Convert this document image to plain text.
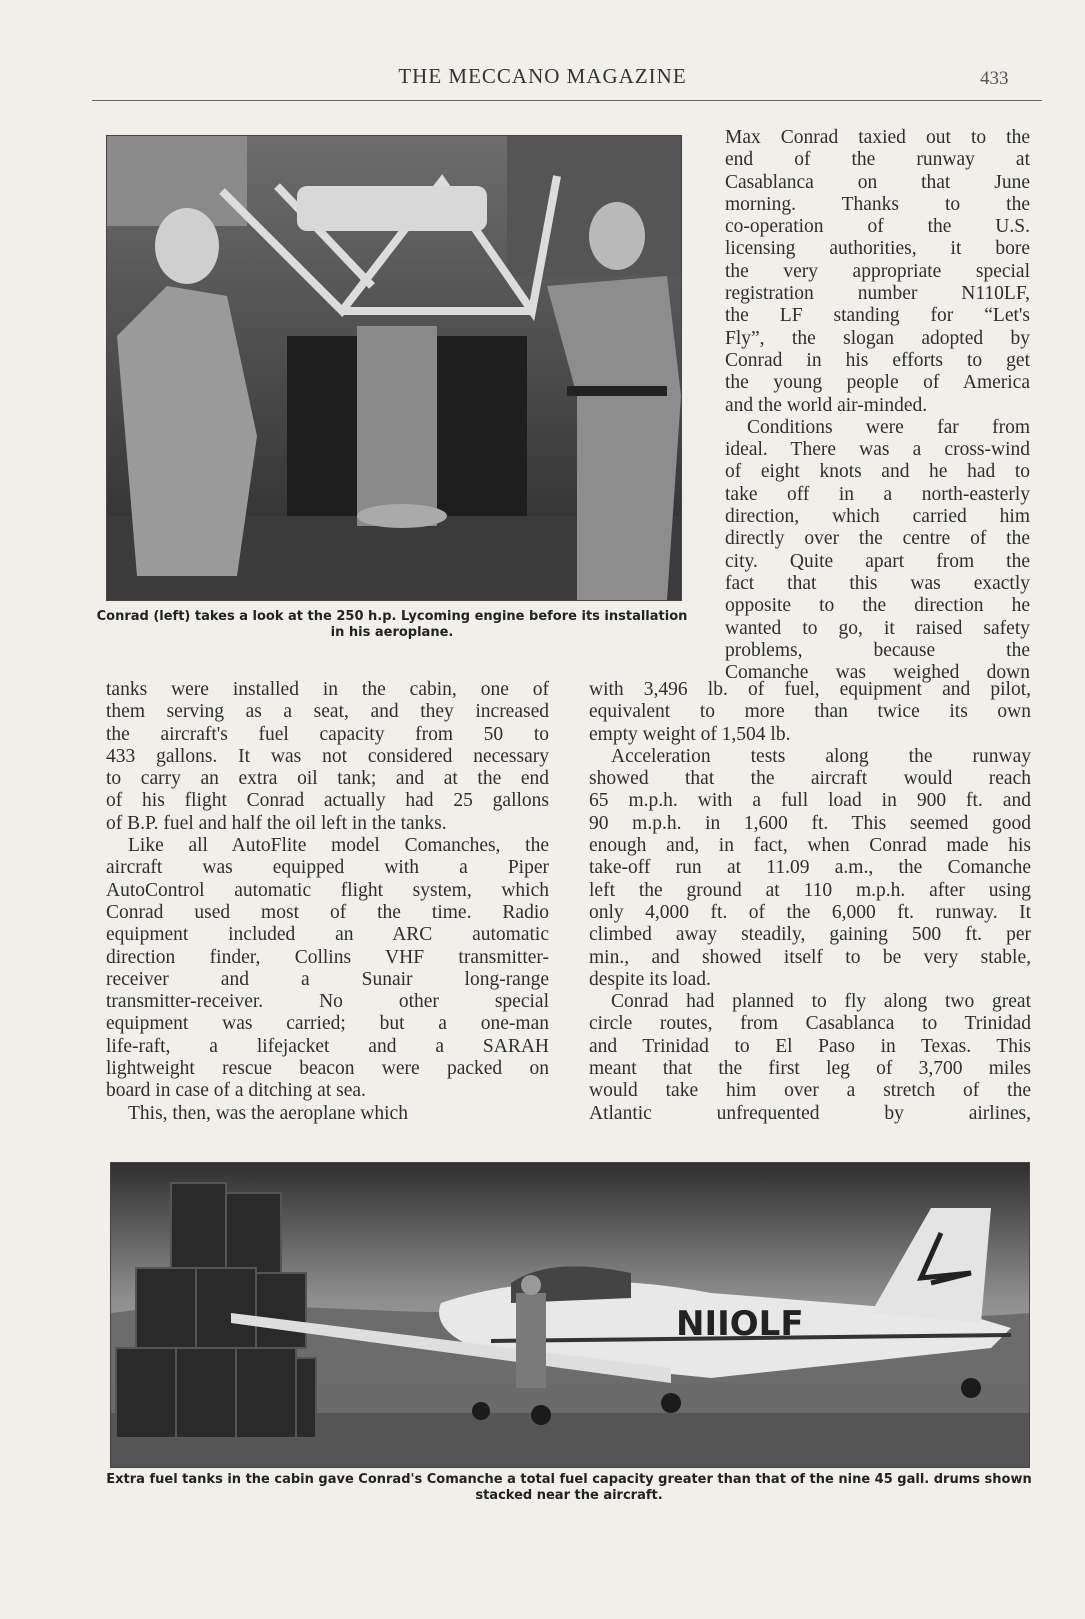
THE MECCANO MAGAZINE	433
Conrad (left) takes a look at the 250 h.p. Lycoming engine before its installation in his aeroplane.
Max Conrad taxied out to the
end of the runway at
Casablanca on that June
morning. Thanks to the
co-operation of the U.S.
licensing authorities, it bore
the very appropriate special
registration number N110LF,
the LF standing for “Let's
Fly”, the slogan adopted by
Conrad in his efforts to get
the young people of America
and the world air-minded.
Conditions were far from
ideal. There was a cross-wind
of eight knots and he had to
take off in a north-easterly
direction, which carried him
directly over the centre of the
city. Quite apart from the
fact that this was exactly
opposite to the direction he
wanted to go, it raised safety
problems, because the
Comanche was weighed down
tanks were installed in the cabin, one of
them serving as a seat, and they increased
the aircraft's fuel capacity from 50 to
433 gallons. It was not considered necessary
to carry an extra oil tank; and at the end
of his flight Conrad actually had 25 gallons
of B.P. fuel and half the oil left in the tanks.
Like all AutoFlite model Comanches, the
aircraft was equipped with a Piper
AutoControl automatic flight system, which
Conrad used most of the time. Radio
equipment included an ARC automatic
direction finder, Collins VHF transmitter-
receiver and a Sunair long-range
transmitter-receiver. No other special
equipment was carried; but a one-man
life-raft, a lifejacket and a SARAH
lightweight rescue beacon were packed on
board in case of a ditching at sea.
This, then, was the aeroplane which
with 3,496 lb. of fuel, equipment and pilot,
equivalent to more than twice its own
empty weight of 1,504 lb.
Acceleration tests along the runway
showed that the aircraft would reach
65 m.p.h. with a full load in 900 ft. and
90 m.p.h. in 1,600 ft. This seemed good
enough and, in fact, when Conrad made his
take-off run at 11.09 a.m., the Comanche
left the ground at 110 m.p.h. after using
only 4,000 ft. of the 6,000 ft. runway. It
climbed away steadily, gaining 500 ft. per
min., and showed itself to be very stable,
despite its load.
Conrad had planned to fly along two great
circle routes, from Casablanca to Trinidad
and Trinidad to El Paso in Texas. This
meant that the first leg of 3,700 miles
would take him over a stretch of the
Atlantic unfrequented by airlines,
NIIOLF
Extra fuel tanks in the cabin gave Conrad's Comanche a total fuel capacity greater than that of the nine 45 gall. drums shown stacked near the aircraft.
